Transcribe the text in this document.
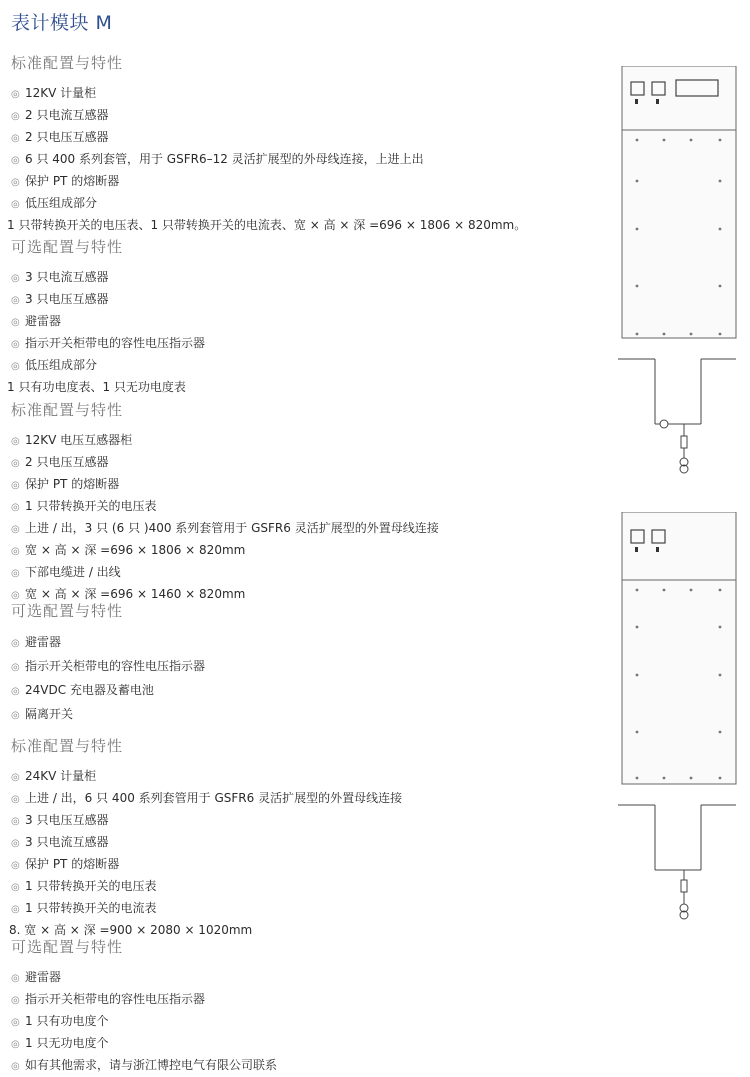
表计模块 M
标准配置与特性
◎ 12KV 计量柜
◎ 2 只电流互感器
◎ 2 只电压互感器
◎ 6 只 400 系列套管，用于 GSFR6–12 灵活扩展型的外母线连接，上进上出
◎ 保护 PT 的熔断器
◎ 低压组成部分
1 只带转换开关的电压表、1 只带转换开关的电流表、宽 × 高 × 深 =696 × 1806 × 820mm。
可选配置与特性
◎ 3 只电流互感器
◎ 3 只电压互感器
◎ 避雷器
◎ 指示开关柜带电的容性电压指示器
◎ 低压组成部分
1 只有功电度表、1 只无功电度表
标准配置与特性
◎ 12KV 电压互感器柜
◎ 2 只电压互感器
◎ 保护 PT 的熔断器
◎ 1 只带转换开关的电压表
◎ 上进 / 出，3 只 (6 只 )400 系列套管用于 GSFR6 灵活扩展型的外置母线连接
◎ 宽 × 高 × 深 =696 × 1806 × 820mm
◎ 下部电缆进 / 出线
◎ 宽 × 高 × 深 =696 × 1460 × 820mm
可选配置与特性
◎ 避雷器
◎ 指示开关柜带电的容性电压指示器
◎ 24VDC 充电器及蓄电池
◎ 隔离开关
标准配置与特性
◎ 24KV 计量柜
◎ 上进 / 出，6 只 400 系列套管用于 GSFR6 灵活扩展型的外置母线连接
◎ 3 只电压互感器
◎ 3 只电流互感器
◎ 保护 PT 的熔断器
◎ 1 只带转换开关的电压表
◎ 1 只带转换开关的电流表
8. 宽 × 高 × 深 =900 × 2080 × 1020mm
可选配置与特性
◎ 避雷器
◎ 指示开关柜带电的容性电压指示器
◎ 1 只有功电度个
◎ 1 只无功电度个
◎ 如有其他需求，请与浙江博控电气有限公司联系
